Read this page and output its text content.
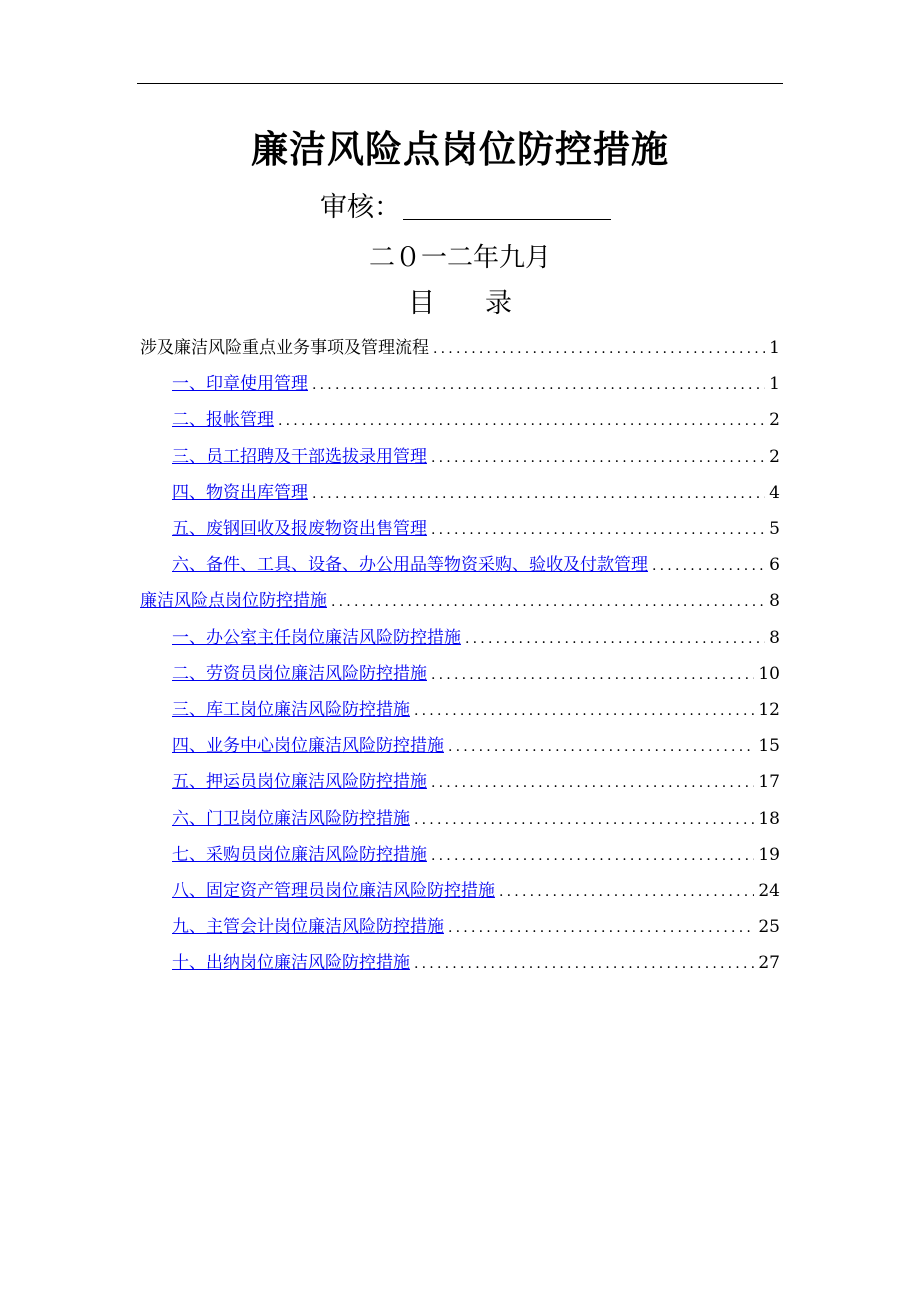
廉洁风险点岗位防控措施
审核：
二０一二年九月
目 录
涉及廉洁风险重点业务事项及管理流程 .....	1
一、印章使用管理 .....	1
二、报帐管理 .....	2
三、员工招聘及干部选拔录用管理 .....	2
四、物资出库管理 .....	4
五、废钢回收及报废物资出售管理 .....	5
六、备件、工具、设备、办公用品等物资采购、验收及付款管理 .....	6
廉洁风险点岗位防控措施 .....	8
一、办公室主任岗位廉洁风险防控措施 .....	8
二、劳资员岗位廉洁风险防控措施 .....	10
三、库工岗位廉洁风险防控措施 .....	12
四、业务中心岗位廉洁风险防控措施 .....	15
五、押运员岗位廉洁风险防控措施 .....	17
六、门卫岗位廉洁风险防控措施 .....	18
七、采购员岗位廉洁风险防控措施 .....	19
八、固定资产管理员岗位廉洁风险防控措施 .....	24
九、主管会计岗位廉洁风险防控措施 .....	25
十、出纳岗位廉洁风险防控措施 .....	27
